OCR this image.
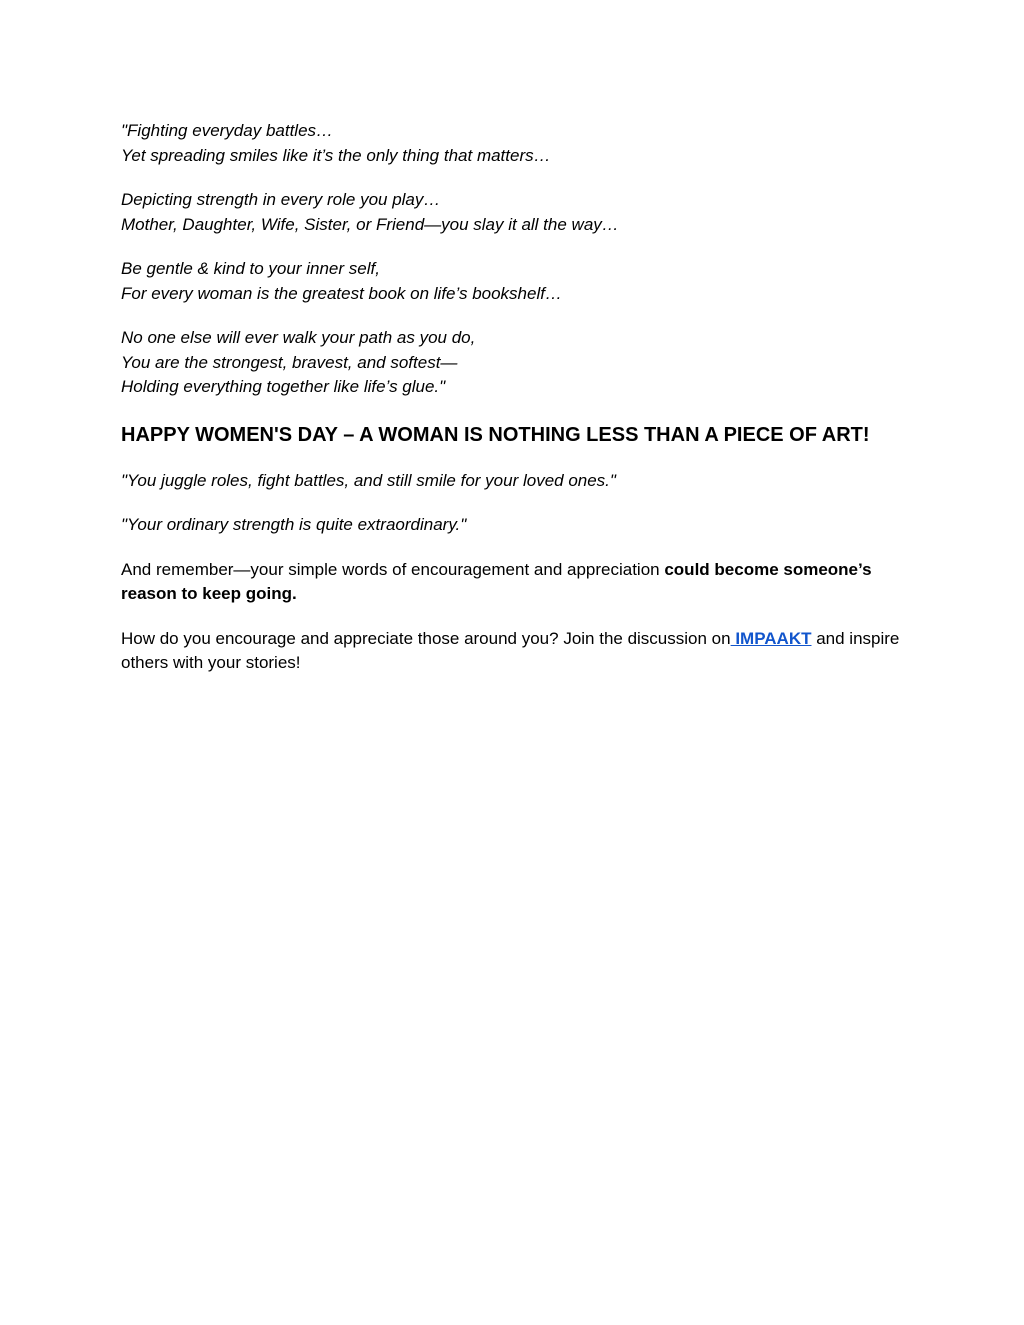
"Fighting everyday battles…
Yet spreading smiles like it’s the only thing that matters…
Depicting strength in every role you play…
Mother, Daughter, Wife, Sister, or Friend—you slay it all the way…
Be gentle & kind to your inner self,
For every woman is the greatest book on life’s bookshelf…
No one else will ever walk your path as you do,
You are the strongest, bravest, and softest—
Holding everything together like life’s glue."
HAPPY WOMEN'S DAY – A WOMAN IS NOTHING LESS THAN A PIECE OF ART!

"You juggle roles, fight battles, and still smile for your loved ones."

"Your ordinary strength is quite extraordinary."

And remember—your simple words of encouragement and appreciation could become someone’s reason to keep going.

How do you encourage and appreciate those around you? Join the discussion on IMPAAKT and inspire others with your stories!
